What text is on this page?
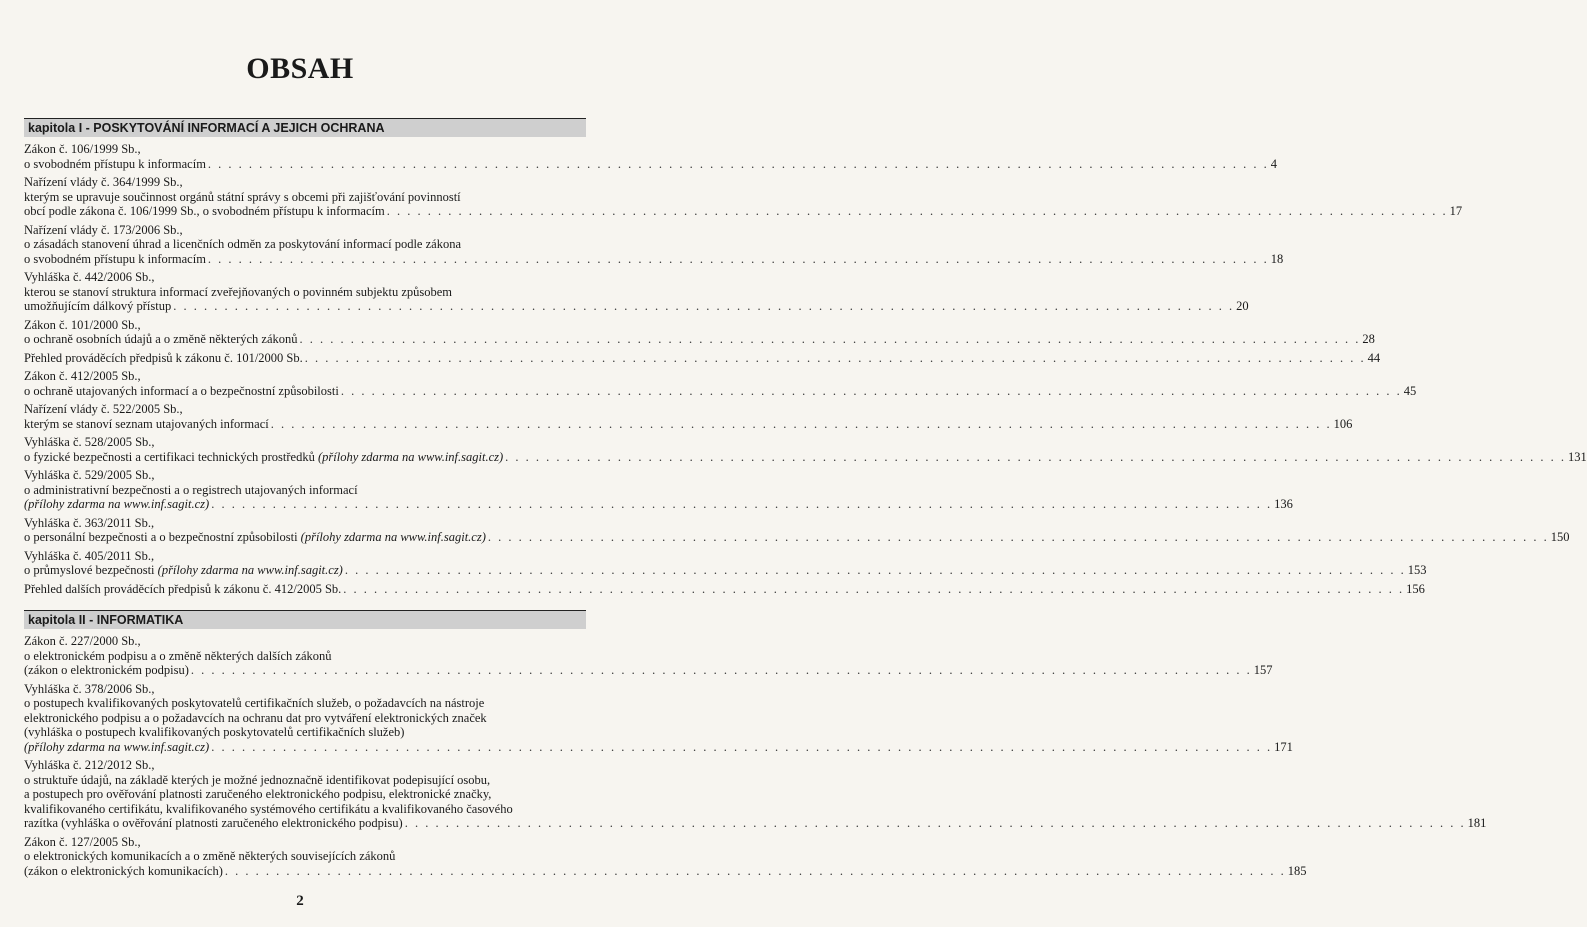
OBSAH
kapitola I - POSKYTOVÁNÍ INFORMACÍ A JEJICH OCHRANA
Zákon č. 106/1999 Sb.,
o svobodném přístupu k informacím . . .	4
Nařízení vlády č. 364/1999 Sb.,
kterým se upravuje součinnost orgánů státní správy s obcemi při zajišťování povinností
obcí podle zákona č. 106/1999 Sb., o svobodném přístupu k informacím . . .	17
Nařízení vlády č. 173/2006 Sb.,
o zásadách stanovení úhrad a licenčních odměn za poskytování informací podle zákona
o svobodném přístupu k informacím . . .	18
Vyhláška č. 442/2006 Sb.,
kterou se stanoví struktura informací zveřejňovaných o povinném subjektu způsobem
umožňujícím dálkový přístup . . .	20
Zákon č. 101/2000 Sb.,
o ochraně osobních údajů a o změně některých zákonů . . .	28
Přehled prováděcích předpisů k zákonu č. 101/2000 Sb. . . .	44
Zákon č. 412/2005 Sb.,
o ochraně utajovaných informací a o bezpečnostní způsobilosti . . .	45
Nařízení vlády č. 522/2005 Sb.,
kterým se stanoví seznam utajovaných informací . . .	106
Vyhláška č. 528/2005 Sb.,
o fyzické bezpečnosti a certifikaci technických prostředků (přílohy zdarma na www.inf.sagit.cz) . . .	131
Vyhláška č. 529/2005 Sb.,
o administrativní bezpečnosti a o registrech utajovaných informací
(přílohy zdarma na www.inf.sagit.cz) . . .	136
Vyhláška č. 363/2011 Sb.,
o personální bezpečnosti a o bezpečnostní způsobilosti (přílohy zdarma na www.inf.sagit.cz) . . .	150
Vyhláška č. 405/2011 Sb.,
o průmyslové bezpečnosti (přílohy zdarma na www.inf.sagit.cz) . . .	153
Přehled dalších prováděcích předpisů k zákonu č. 412/2005 Sb. . . .	156
kapitola II - INFORMATIKA
Zákon č. 227/2000 Sb.,
o elektronickém podpisu a o změně některých dalších zákonů
(zákon o elektronickém podpisu) . . .	157
Vyhláška č. 378/2006 Sb.,
o postupech kvalifikovaných poskytovatelů certifikačních služeb, o požadavcích na nástroje
elektronického podpisu a o požadavcích na ochranu dat pro vytváření elektronických značek
(vyhláška o postupech kvalifikovaných poskytovatelů certifikačních služeb)
(přílohy zdarma na www.inf.sagit.cz) . . .	171
Vyhláška č. 212/2012 Sb.,
o struktuře údajů, na základě kterých je možné jednoznačně identifikovat podepisující osobu,
a postupech pro ověřování platnosti zaručeného elektronického podpisu, elektronické značky,
kvalifikovaného certifikátu, kvalifikovaného systémového certifikátu a kvalifikovaného časového
razítka (vyhláška o ověřování platnosti zaručeného elektronického podpisu) . . .	181
Zákon č. 127/2005 Sb.,
o elektronických komunikacích a o změně některých souvisejících zákonů
(zákon o elektronických komunikacích) . . .	185
2
